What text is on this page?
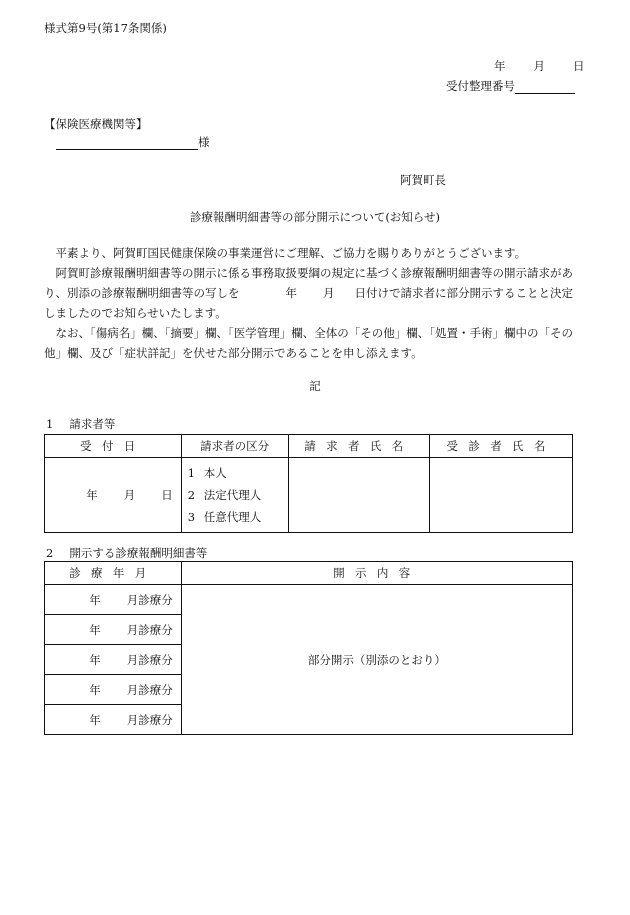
様式第9号(第17条関係)
年 月 日
受付整理番号
【保険医療機関等】
様
阿賀町長
診療報酬明細書等の部分開示について(お知らせ)
平素より、阿賀町国民健康保険の事業運営にご理解、ご協力を賜りありがとうございます。
阿賀町診療報酬明細書等の開示に係る事務取扱要綱の規定に基づく診療報酬明細書等の開示請求があり、別添の診療報酬明細書等の写しを	年 月 日付けで請求者に部分開示することと決定しましたのでお知らせいたします。
なお、「傷病名」欄、「摘要」欄、「医学管理」欄、全体の「その他」欄、「処置・手術」欄中の「その他」欄、及び「症状詳記」を伏せた部分開示であることを申し添えます。
記
1 請求者等
受付日	請求者の区分	請求者氏名	受診者氏名
年 月 日	1 本人
2 法定代理人
3 任意代理人		

2 開示する診療報酬明細書等
診療年月	開示内容
年 月診療分	部分開示（別添のとおり）
年 月診療分	
年 月診療分	
年 月診療分	
年 月診療分	
